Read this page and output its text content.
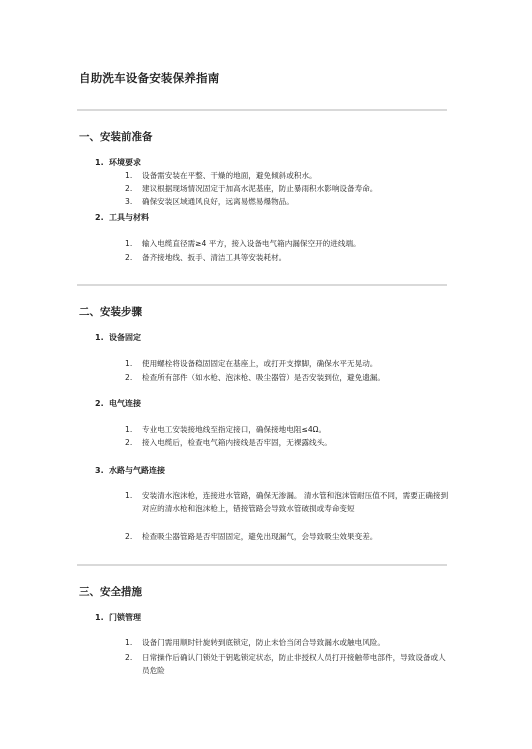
自助洗车设备安装保养指南
一、安装前准备
1. 环境要求
1. 设备需安装在平整、干燥的地面，避免倾斜或积水。
2. 建议根据现场情况固定于加高水泥基座，防止暴雨积水影响设备寿命。
3. 确保安装区域通风良好，远离易燃易爆物品。
2. 工具与材料
1. 输入电缆直径需≥4 平方，接入设备电气箱内漏保空开的进线端。
2. 备齐接地线、扳手、清洁工具等安装耗材。
二、安装步骤
1. 设备固定
1. 使用螺栓将设备稳固固定在基座上，或打开支撑脚，确保水平无晃动。
2. 检查所有部件（如水枪、泡沫枪、吸尘器管）是否安装到位，避免遗漏。
2. 电气连接
1. 专业电工安装接地线至指定接口，确保接地电阻≤4Ω。
2. 接入电缆后，检查电气箱内接线是否牢固，无裸露线头。
3. 水路与气路连接
1. 安装清水泡沫枪，连接进水管路，确保无渗漏。 清水管和泡沫管耐压值不同，需要正确接到对应的清水枪和泡沫枪上，错接管路会导致水管破损或寿命变短
2. 检查吸尘器管路是否牢固固定，避免出现漏气，会导致吸尘效果变差。
三、安全措施
1. 门锁管理
1. 设备门需用顺时针旋转到底锁定，防止未恰当闭合导致漏水或触电风险。
2. 日常操作后确认门锁处于钥匙锁定状态，防止非授权人员打开接触带电部件，导致设备或人员危险
